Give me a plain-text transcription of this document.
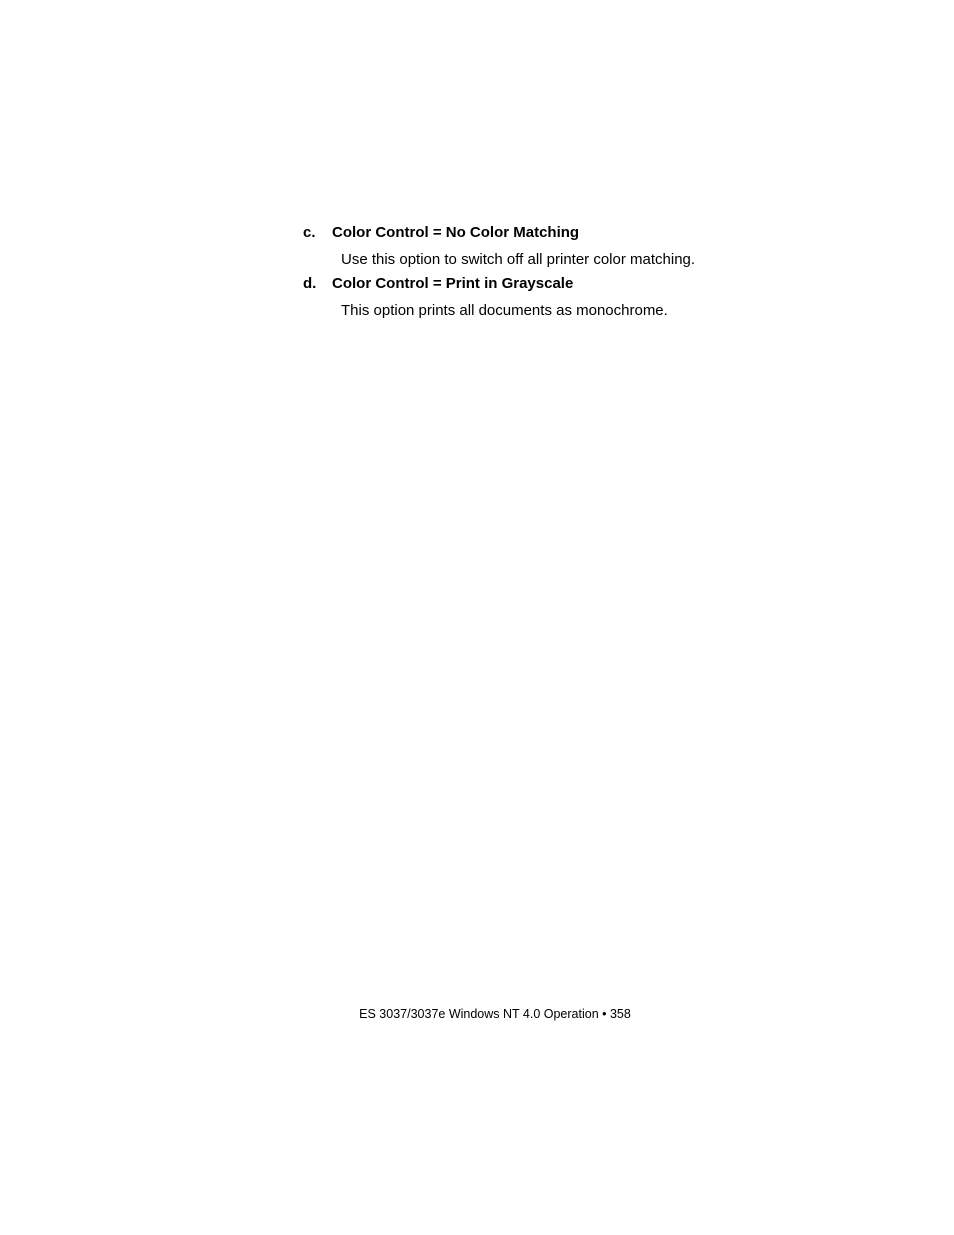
c.	Color Control = No Color Matching
Use this option to switch off all printer color matching.
d.	Color Control = Print in Grayscale
This option prints all documents as monochrome.
ES 3037/3037e Windows NT 4.0 Operation • 358
